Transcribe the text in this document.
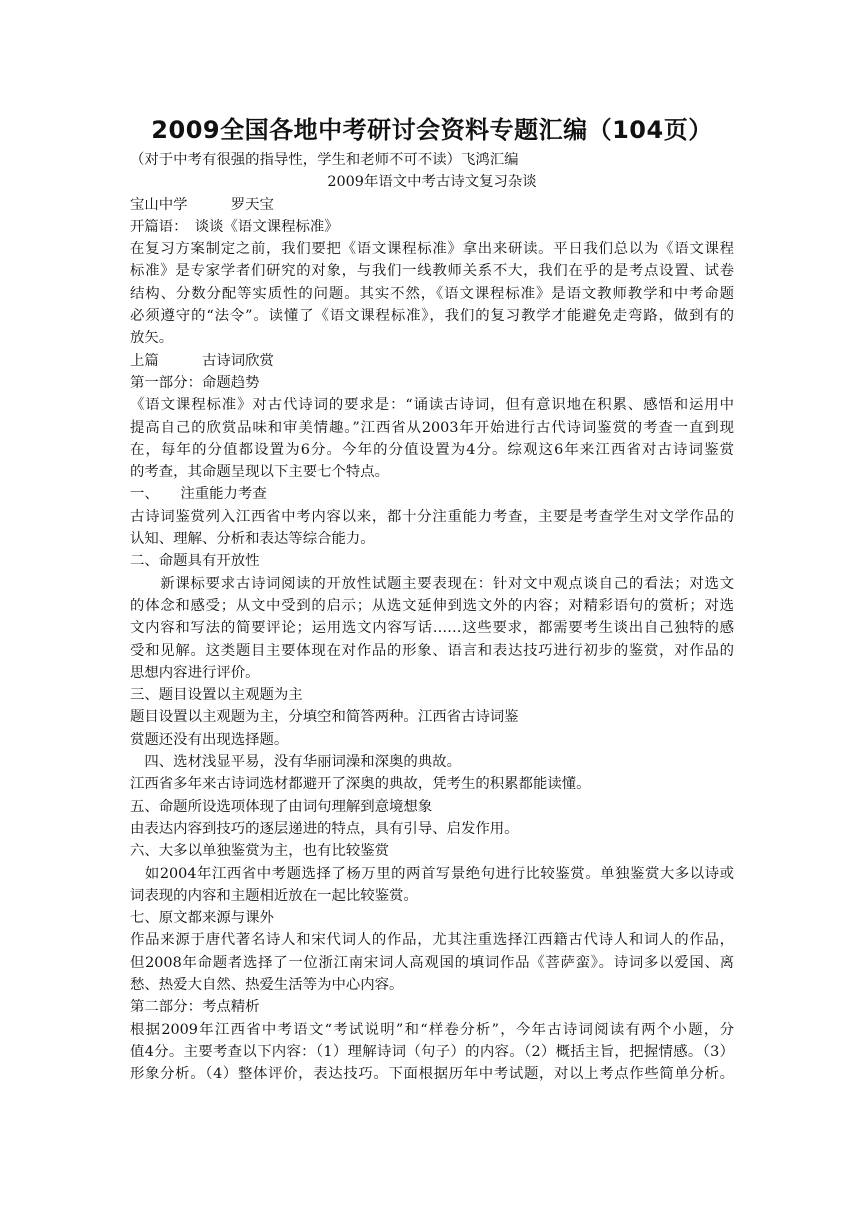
2009全国各地中考研讨会资料专题汇编（104页）
（对于中考有很强的指导性，学生和老师不可不读）飞鸿汇编
2009年语文中考古诗文复习杂谈
宝山中学　　　罗天宝
开篇语：　谈谈《语文课程标准》
在复习方案制定之前，我们要把《语文课程标准》拿出来研读。平日我们总以为《语文课程
标准》是专家学者们研究的对象，与我们一线教师关系不大，我们在乎的是考点设置、试卷
结构、分数分配等实质性的问题。其实不然，《语文课程标准》是语文教师教学和中考命题
必须遵守的“法令”。读懂了《语文课程标准》，我们的复习教学才能避免走弯路，做到有的
放矢。
上篇　　　古诗词欣赏
第一部分：命题趋势
《语文课程标准》对古代诗词的要求是：“诵读古诗词，但有意识地在积累、感悟和运用中
提高自己的欣赏品味和审美情趣。”江西省从2003年开始进行古代诗词鉴赏的考查一直到现
在，每年的分值都设置为6分。今年的分值设置为4分。综观这6年来江西省对古诗词鉴赏
的考查，其命题呈现以下主要七个特点。
一、　　注重能力考查
古诗词鉴赏列入江西省中考内容以来，都十分注重能力考查，主要是考查学生对文学作品的
认知、理解、分析和表达等综合能力。
二、命题具有开放性
　　新课标要求古诗词阅读的开放性试题主要表现在：针对文中观点谈自己的看法；对选文
的体念和感受；从文中受到的启示；从选文延伸到选文外的内容；对精彩语句的赏析；对选
文内容和写法的简要评论；运用选文内容写话……这些要求，都需要考生谈出自己独特的感
受和见解。这类题目主要体现在对作品的形象、语言和表达技巧进行初步的鉴赏，对作品的
思想内容进行评价。
三、题目设置以主观题为主
题目设置以主观题为主，分填空和简答两种。江西省古诗词鉴
赏题还没有出现选择题。
　四、选材浅显平易，没有华丽词澡和深奥的典故。
江西省多年来古诗词选材都避开了深奥的典故，凭考生的积累都能读懂。
五、命题所设选项体现了由词句理解到意境想象
由表达内容到技巧的逐层递进的特点，具有引导、启发作用。
六、大多以单独鉴赏为主，也有比较鉴赏
　如2004年江西省中考题选择了杨万里的两首写景绝句进行比较鉴赏。单独鉴赏大多以诗或
词表现的内容和主题相近放在一起比较鉴赏。
七、原文都来源与课外
作品来源于唐代著名诗人和宋代词人的作品，尤其注重选择江西籍古代诗人和词人的作品，
但2008年命题者选择了一位浙江南宋词人高观国的填词作品《菩萨蛮》。诗词多以爱国、离
愁、热爱大自然、热爱生活等为中心内容。
第二部分：考点精析
根据2009年江西省中考语文“考试说明”和“样卷分析”，今年古诗词阅读有两个小题，分
值4分。主要考查以下内容：（1）理解诗词（句子）的内容。（2）概括主旨，把握情感。（3）
形象分析。（4）整体评价，表达技巧。下面根据历年中考试题，对以上考点作些简单分析。
